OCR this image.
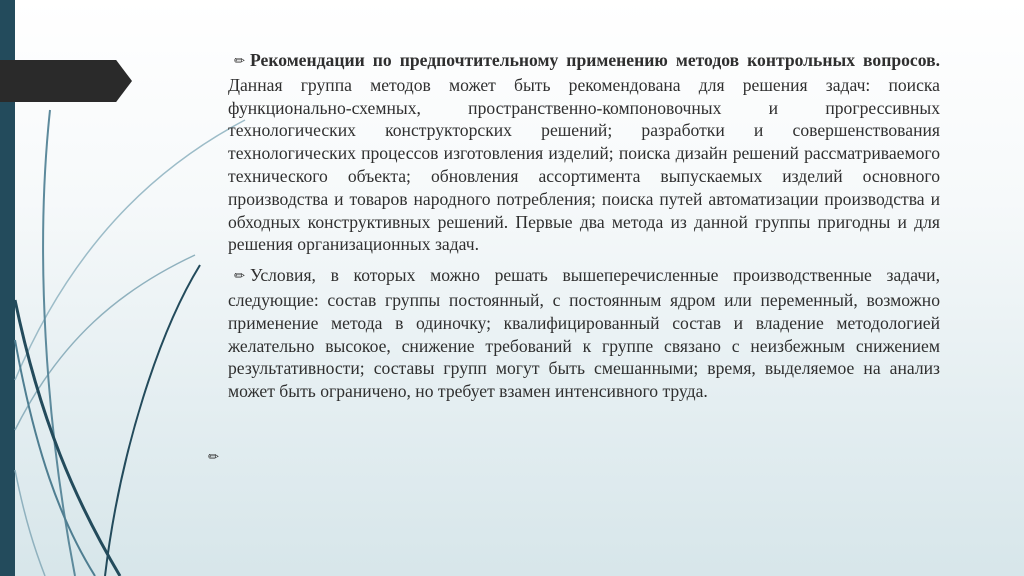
✏ Рекомендации по предпочтительному применению методов контрольных вопросов. Данная группа методов может быть рекомендована для решения задач: поиска функционально-схемных, пространственно-компоновочных и прогрессивных технологических конструкторских решений; разработки и совершенствования технологических процессов изготовления изделий; поиска дизайн решений рассматриваемого технического объекта; обновления ассортимента выпускаемых изделий основного производства и товаров народного потребления; поиска путей автоматизации производства и обходных конструктивных решений. Первые два метода из данной группы пригодны и для решения организационных задач.

✏ Условия, в которых можно решать вышеперечисленные производственные задачи, следующие: состав группы постоянный, с постоянным ядром или переменный, возможно применение метода в одиночку; квалифицированный состав и владение методологией желательно высокое, снижение требований к группе связано с неизбежным снижением результативности; составы групп могут быть смешанными; время, выделяемое на анализ может быть ограничено, но требует взамен интенсивного труда.

✏
